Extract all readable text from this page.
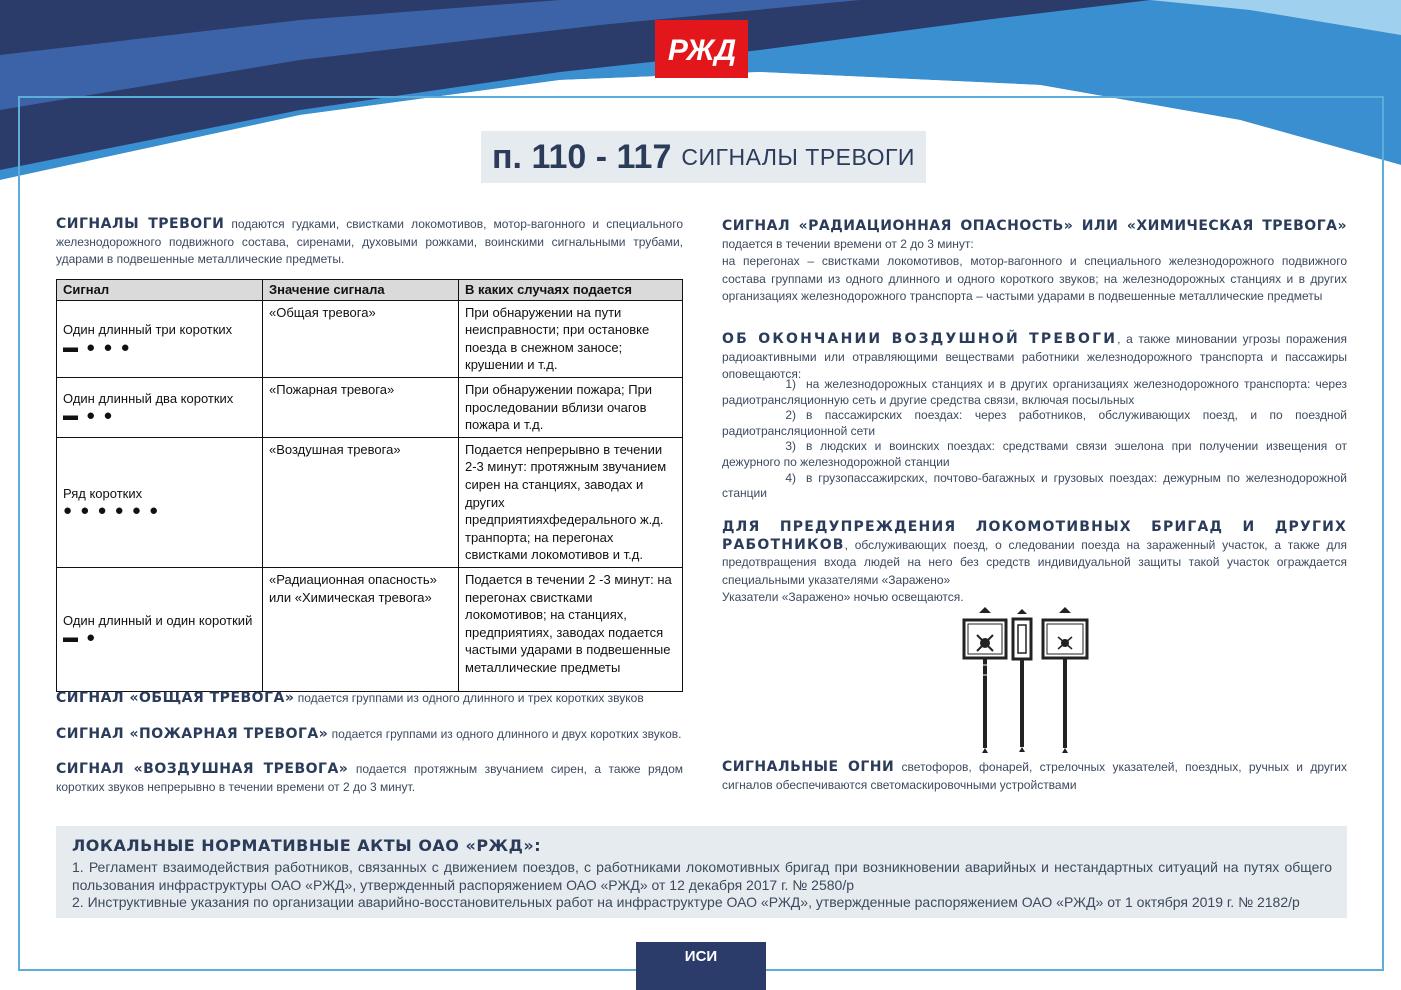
РЖД
п. 110 - 117 СИГНАЛЫ ТРЕВОГИ

СИГНАЛЫ ТРЕВОГИ подаются гудками, свистками локомотивов, мотор-вагонного и специального железнодорожного подвижного состава, сиренами, духовыми рожками, воинскими сигнальными трубами, ударами в подвешенные металлические предметы.

Сигнал	Значение сигнала	В каких случаях подается

Один длинный три коротких
▬ ● ● ●	«Общая тревога»	При обнаружении на пути неисправности; при остановке поезда в снежном заносе; крушении и т.д.

Один длинный два коротких
▬ ● ●	«Пожарная тревога»	При обнаружении пожара; При проследовании вблизи очагов пожара и т.д.

Ряд коротких
● ● ● ● ● ●	«Воздушная тревога»	Подается непрерывно в течении 2-3 минут: протяжным звучанием сирен на станциях, заводах и других предприятияхфедерального ж.д. транпорта; на перегонах свистками локомотивов и т.д.

Один длинный и один короткий
▬ ●	«Радиационная опасность» или «Химическая тревога»	Подается в течении 2 -3 минут: на перегонах свистками локомотивов; на станциях, предприятиях, заводах подается частыми ударами в подвешенные металлические предметы

СИГНАЛ «ОБЩАЯ ТРЕВОГА» подается группами из одного длинного и трех коротких звуков

СИГНАЛ «ПОЖАРНАЯ ТРЕВОГА» подается группами из одного длинного и двух коротких звуков.

СИГНАЛ «ВОЗДУШНАЯ ТРЕВОГА» подается протяжным звучанием сирен, а также рядом коротких звуков непрерывно в течении времени от 2 до 3 минут.

СИГНАЛ «РАДИАЦИОННАЯ ОПАСНОСТЬ» ИЛИ «ХИМИЧЕСКАЯ ТРЕВОГА» подается в течении времени от 2 до 3 минут:
на перегонах – свистками локомотивов, мотор-вагонного и специального железнодорожного подвижного состава группами из одного длинного и одного короткого звуков; на железнодорожных станциях и в других организациях железнодорожного транспорта – частыми ударами в подвешенные металлические предметы

ОБ ОКОНЧАНИИ ВОЗДУШНОЙ ТРЕВОГИ, а также миновании угрозы поражения радиоактивными или отравляющими веществами работники железнодорожного транспорта и пассажиры оповещаются:

1) на железнодорожных станциях и в других организациях железнодорожного транспорта: через радиотрансляционную сеть и другие средства связи, включая посыльных
2) в пассажирских поездах: через работников, обслуживающих поезд, и по поездной радиотрансляционной сети
3) в людских и воинских поездах: средствами связи эшелона при получении извещения от дежурного по железнодорожной станции
4) в грузопассажирских, почтово-багажных и грузовых поездах: дежурным по железнодорожной станции

ДЛЯ ПРЕДУПРЕЖДЕНИЯ ЛОКОМОТИВНЫХ БРИГАД И ДРУГИХ РАБОТНИКОВ, обслуживающих поезд, о следовании поезда на зараженный участок, а также для предотвращения входа людей на него без средств индивидуальной защиты такой участок ограждается специальными указателями «Заражено»
Указатели «Заражено» ночью освещаются.

СИГНАЛЬНЫЕ ОГНИ светофоров, фонарей, стрелочных указателей, поездных, ручных и других сигналов обеспечиваются светомаскировочными устройствами

ЛОКАЛЬНЫЕ НОРМАТИВНЫЕ АКТЫ ОАО «РЖД»:
1. Регламент взаимодействия работников, связанных с движением поездов, с работниками локомотивных бригад при возникновении аварийных и нестандартных ситуаций на путях общего пользования инфраструктуры ОАО «РЖД», утвержденный распоряжением ОАО «РЖД» от 12 декабря 2017 г. № 2580/р
2. Инструктивные указания по организации аварийно-восстановительных работ на инфраструктуре ОАО «РЖД», утвержденные распоряжением ОАО «РЖД» от 1 октября 2019 г. № 2182/р
ИСИ
